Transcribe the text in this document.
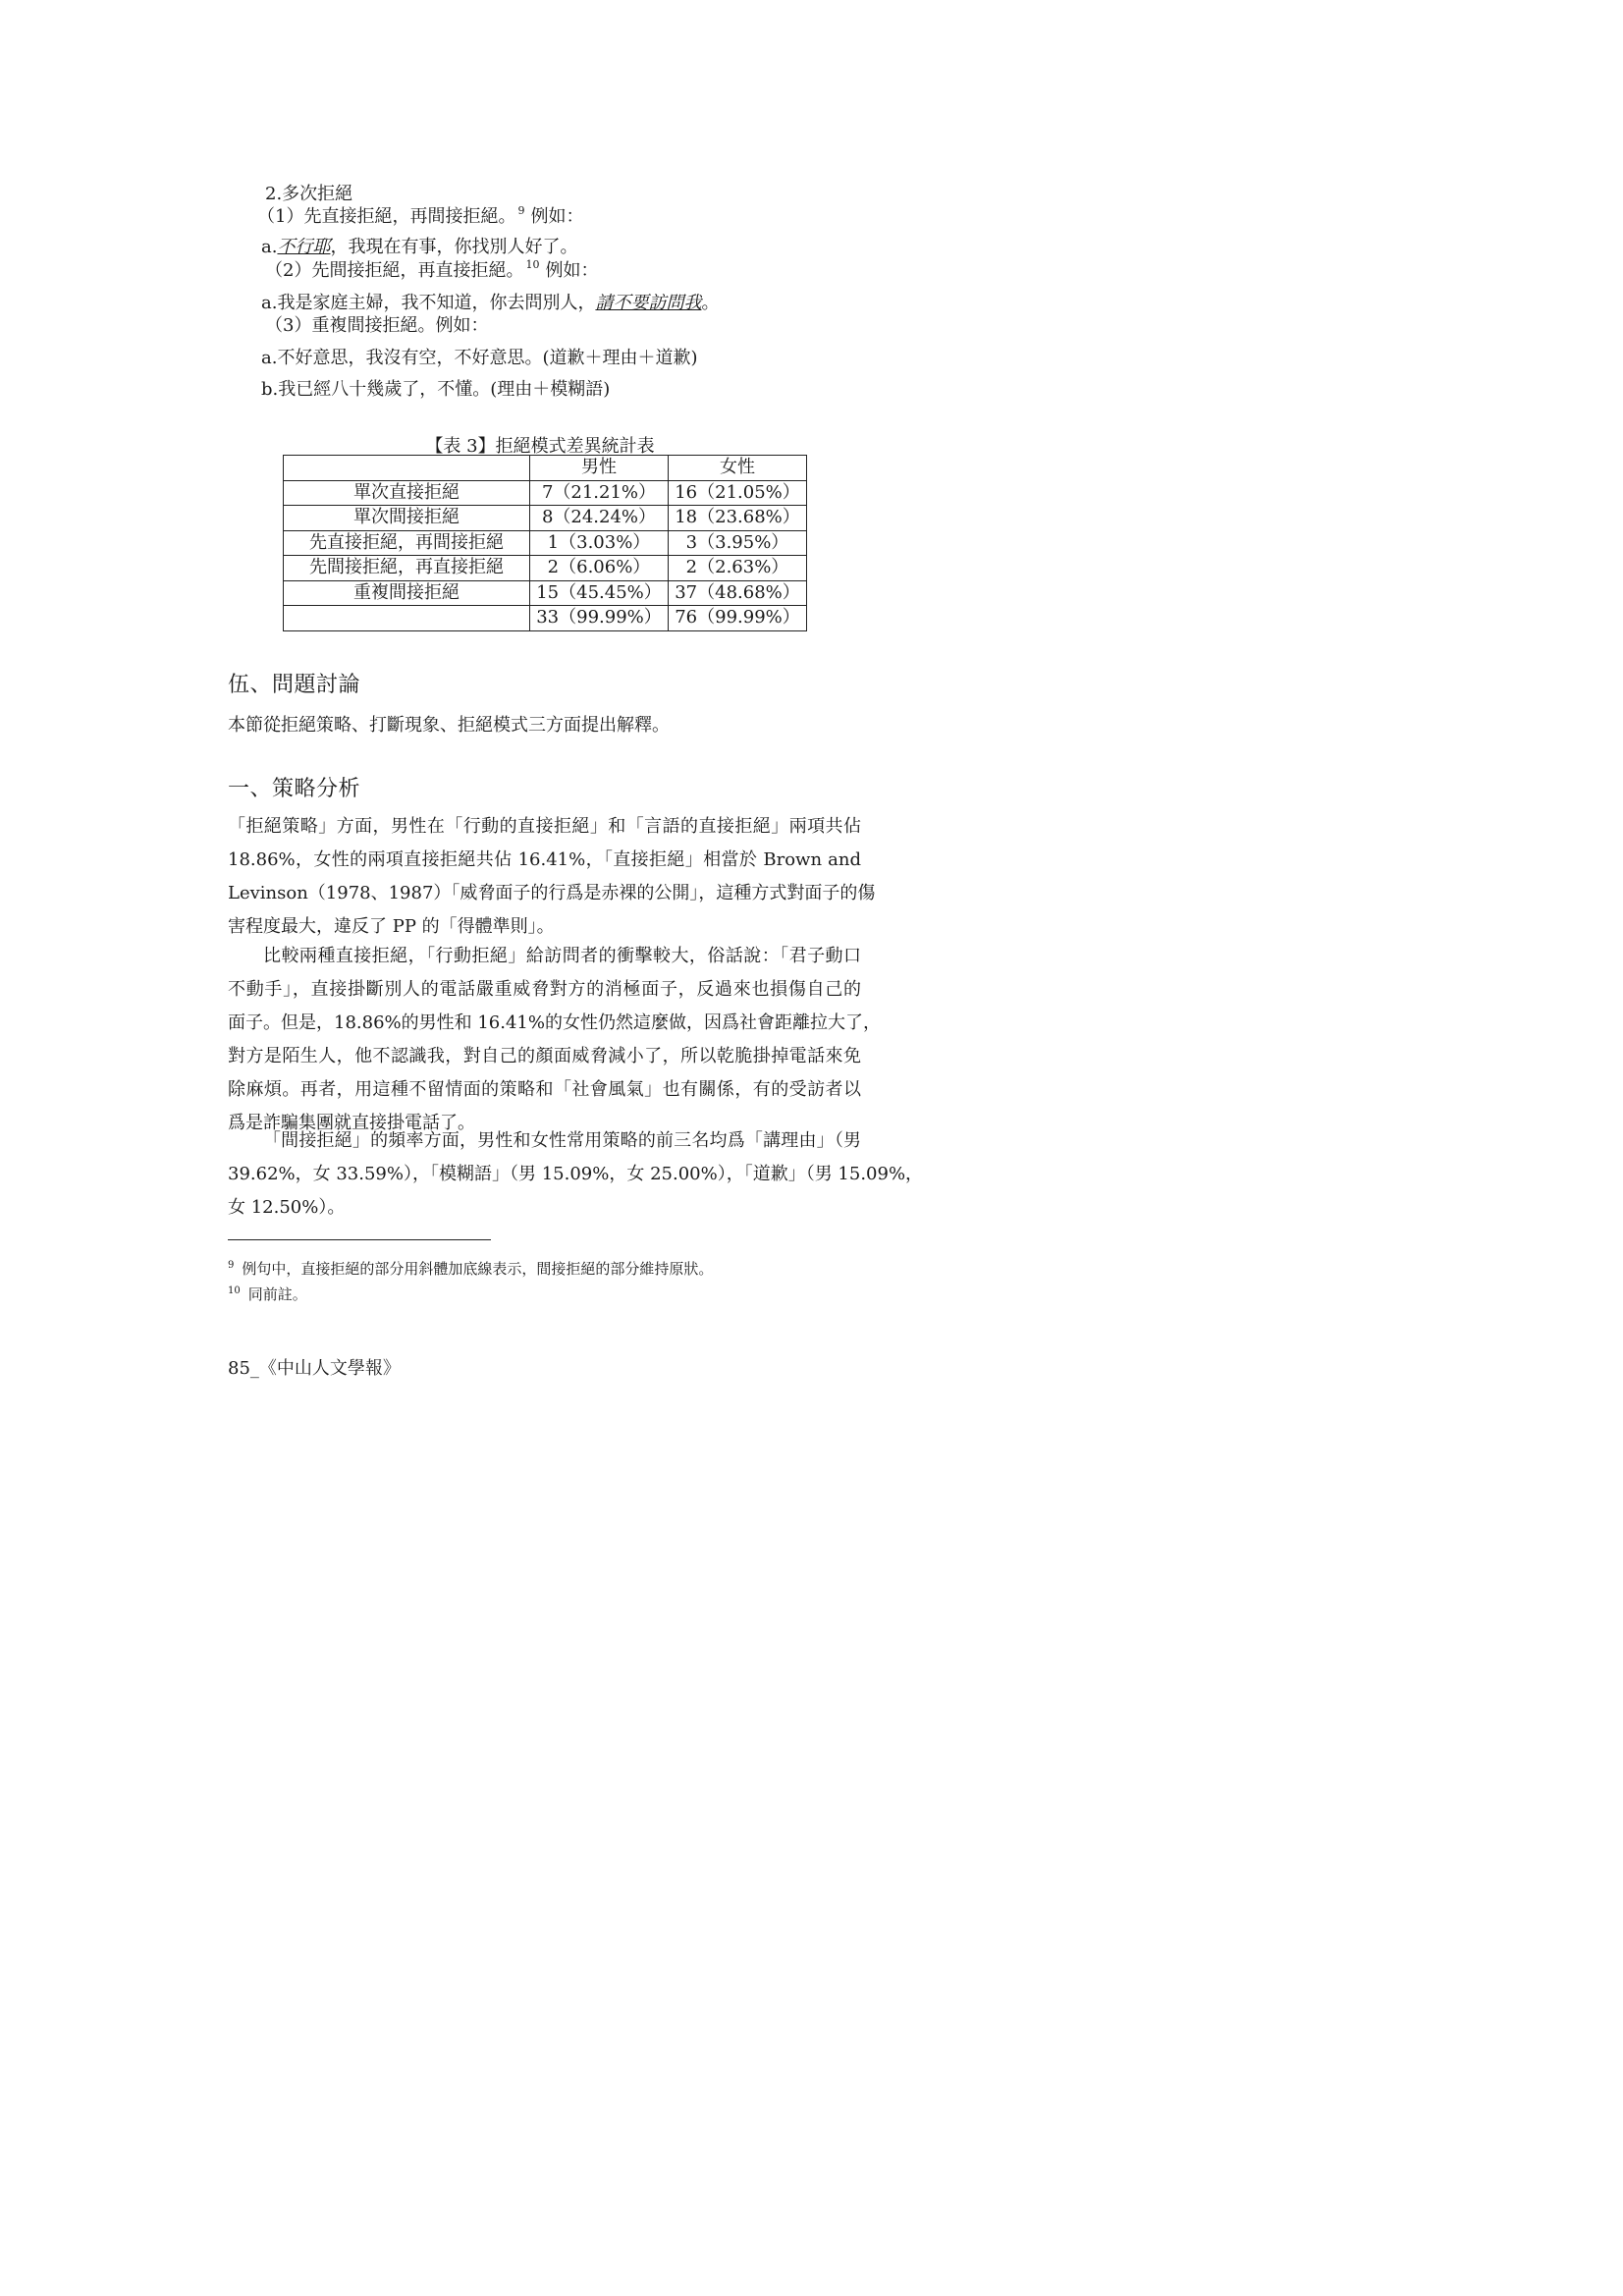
2.多次拒絕
（1）先直接拒絕，再間接拒絕。 $^9$ 例如：
a.不行耶，我現在有事，你找別人好了。
（2）先間接拒絕，再直接拒絕。 $^{10}$ 例如：
a.我是家庭主婦，我不知道，你去問別人，請不要訪問我。
（3）重複間接拒絕。例如：
a.不好意思，我沒有空，不好意思。(道歉＋理由＋道歉)
b.我已經八十幾歲了，不懂。(理由＋模糊語)
【表 3】拒絕模式差異統計表
	男性	女性
單次直接拒絕	7（21.21%）	16（21.05%）
單次間接拒絕	8（24.24%）	18（23.68%）
先直接拒絕，再間接拒絕	1（3.03%）	3（3.95%）
先間接拒絕，再直接拒絕	2（6.06%）	2（2.63%）
重複間接拒絕	15（45.45%）	37（48.68%）
	33（99.99%）	76（99.99%）
伍、問題討論
本節從拒絕策略、打斷現象、拒絕模式三方面提出解釋。
一、策略分析
「拒絕策略」方面，男性在「行動的直接拒絕」和「言語的直接拒絕」兩項共佔
18.86%，女性的兩項直接拒絕共佔 16.41%，「直接拒絕」相當於 Brown and
Levinson（1978、1987）「威脅面子的行爲是赤裸的公開」，這種方式對面子的傷
害程度最大，違反了 PP 的「得體準則」。
比較兩種直接拒絕，「行動拒絕」給訪問者的衝擊較大，俗話說：「君子動口
不動手」，直接掛斷別人的電話嚴重威脅對方的消極面子，反過來也損傷自己的
面子。但是，18.86%的男性和 16.41%的女性仍然這麼做，因爲社會距離拉大了，
對方是陌生人，他不認識我，對自己的顏面威脅減小了，所以乾脆掛掉電話來免
除麻煩。再者，用這種不留情面的策略和「社會風氣」也有關係，有的受訪者以
爲是詐騙集團就直接掛電話了。
「間接拒絕」的頻率方面，男性和女性常用策略的前三名均爲「講理由」（男
39.62%，女 33.59%），「模糊語」（男 15.09%，女 25.00%），「道歉」（男 15.09%，
女 12.50%）。
$^9$ 例句中，直接拒絕的部分用斜體加底線表示，間接拒絕的部分維持原狀。
$^{10}$ 同前註。
85_《中山人文學報》
